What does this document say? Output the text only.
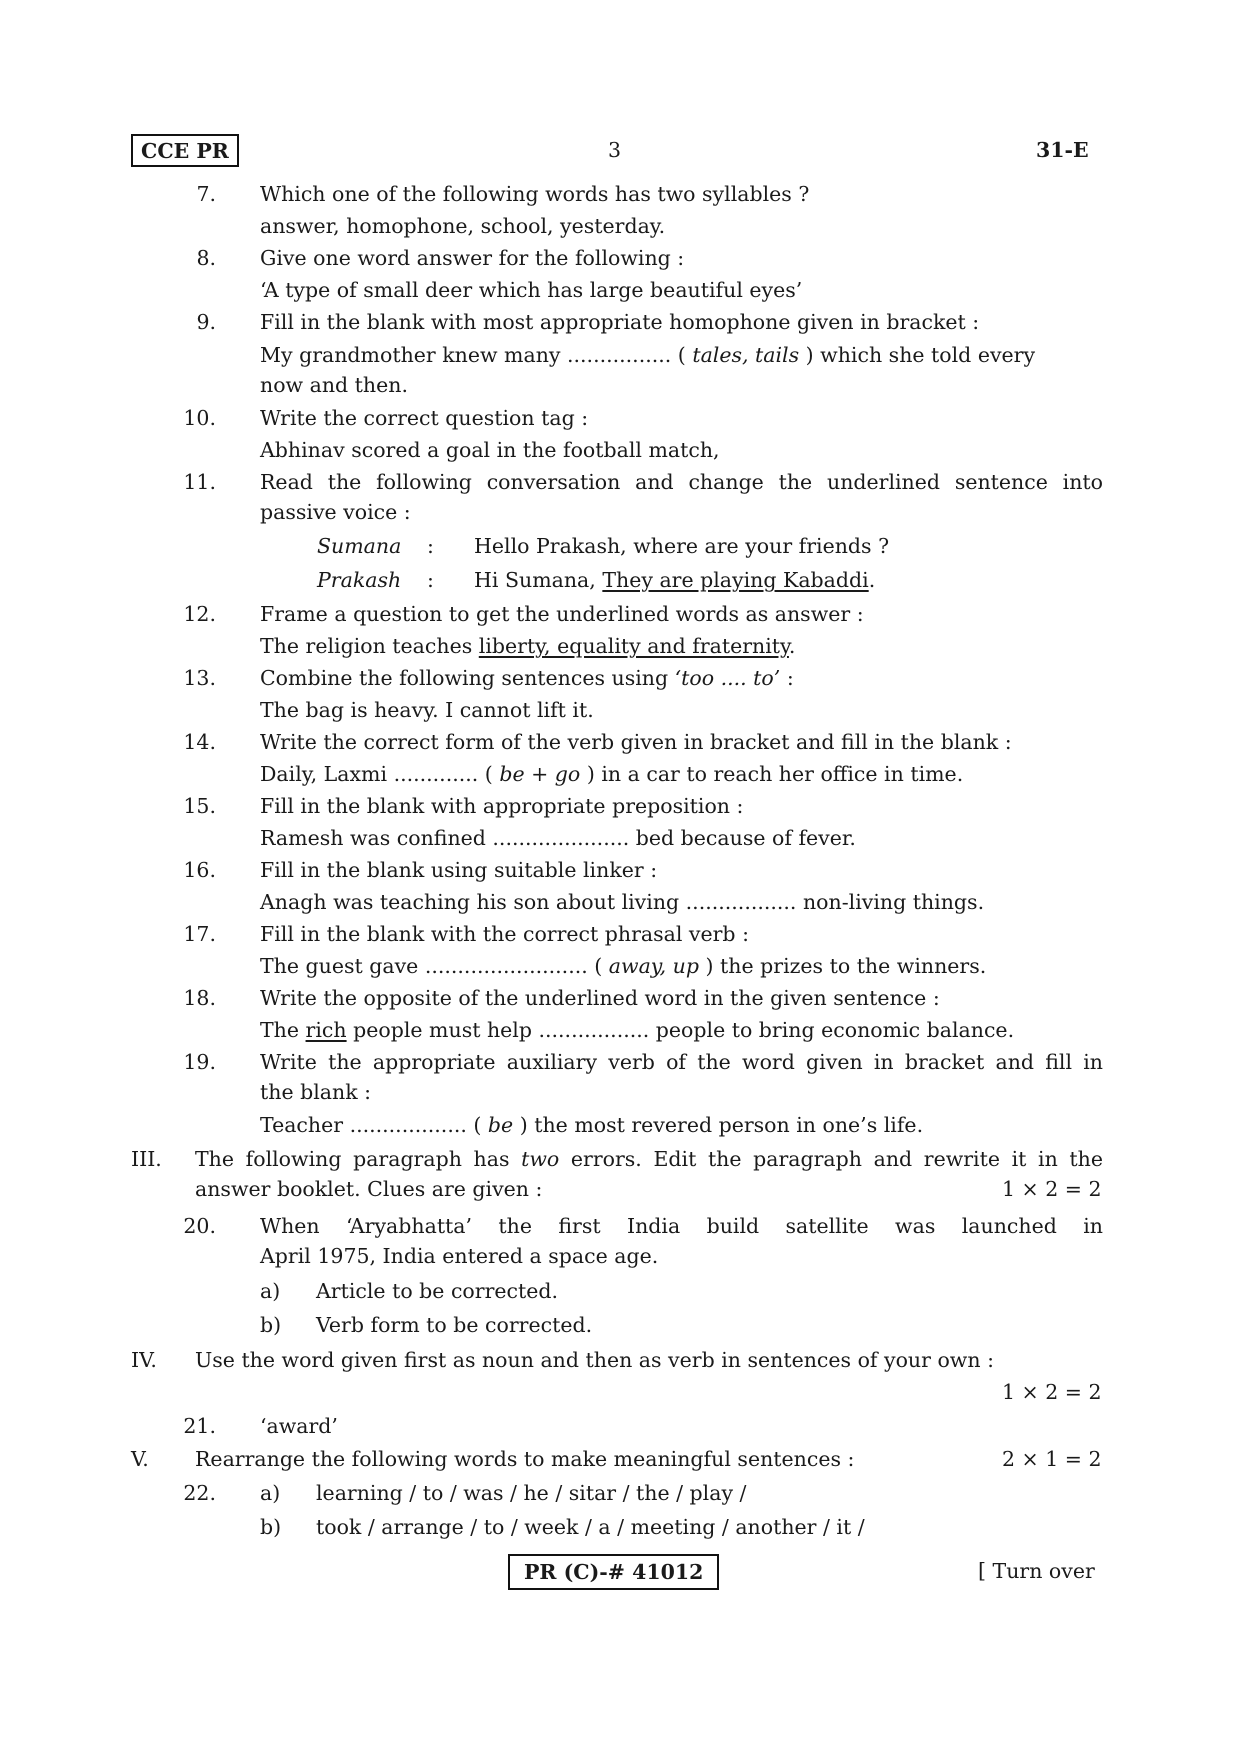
CCE PR	3	31-E
7. Which one of the following words has two syllables ?
answer, homophone, school, yesterday.
8. Give one word answer for the following :
‘A type of small deer which has large beautiful eyes’
9. Fill in the blank with most appropriate homophone given in bracket :
My grandmother knew many ................ ( tales, tails ) which she told every
now and then.
10. Write the correct question tag :
Abhinav scored a goal in the football match,
11. Read the following conversation and change the underlined sentence into
passive voice :
Sumana : Hello Prakash, where are your friends ?
Prakash : Hi Sumana, They are playing Kabaddi.
12. Frame a question to get the underlined words as answer :
The religion teaches liberty, equality and fraternity.
13. Combine the following sentences using ‘too .... to’ :
The bag is heavy. I cannot lift it.
14. Write the correct form of the verb given in bracket and fill in the blank :
Daily, Laxmi ............. ( be + go ) in a car to reach her office in time.
15. Fill in the blank with appropriate preposition :
Ramesh was confined ..................... bed because of fever.
16. Fill in the blank using suitable linker :
Anagh was teaching his son about living ................. non-living things.
17. Fill in the blank with the correct phrasal verb :
The guest gave ......................... ( away, up ) the prizes to the winners.
18. Write the opposite of the underlined word in the given sentence :
The rich people must help ................. people to bring economic balance.
19. Write the appropriate auxiliary verb of the word given in bracket and fill in
the blank :
Teacher .................. ( be ) the most revered person in one’s life.
III. The following paragraph has two errors. Edit the paragraph and rewrite it in the
answer booklet. Clues are given :	1 × 2 = 2
20. When ‘Aryabhatta’ the first India build satellite was launched in
April 1975, India entered a space age.
a) Article to be corrected.
b) Verb form to be corrected.
IV. Use the word given first as noun and then as verb in sentences of your own :
1 × 2 = 2
21. ‘award’
V. Rearrange the following words to make meaningful sentences :	2 × 1 = 2
22. a) learning / to / was / he / sitar / the / play /
b) took / arrange / to / week / a / meeting / another / it /
PR (C)-# 41012	[ Turn over
